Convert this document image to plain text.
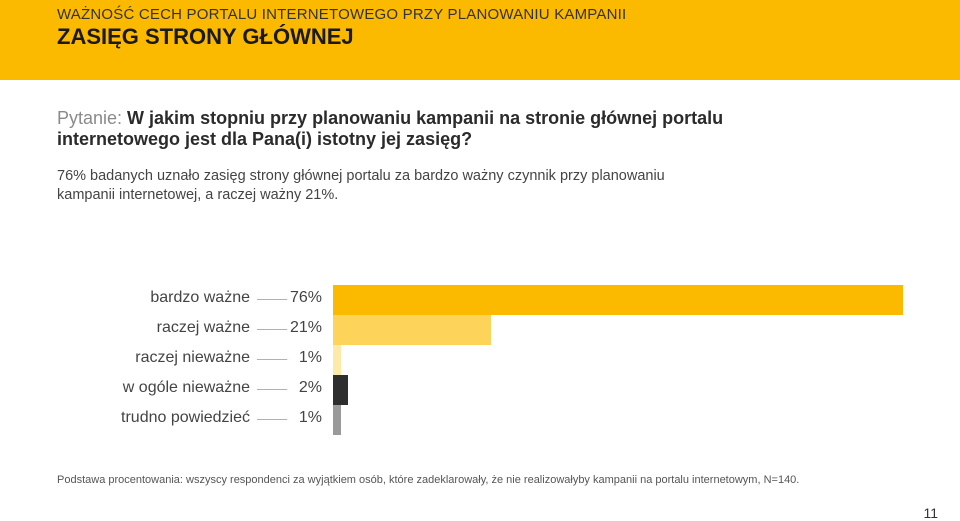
WAŻNOŚĆ CECH PORTALU INTERNETOWEGO PRZY PLANOWANIU KAMPANII
ZASIĘG STRONY GŁÓWNEJ
Pytanie: W jakim stopniu przy planowaniu kampanii na stronie głównej portalu internetowego jest dla Pana(i) istotny jej zasięg?
76% badanych uznało zasięg strony głównej portalu za bardzo ważny czynnik przy planowaniu kampanii internetowej, a raczej ważny 21%.
bardzo ważne	76%
raczej ważne	21%
raczej nieważne	1%
w ogóle nieważne	2%
trudno powiedzieć	1%
Podstawa procentowania: wszyscy respondenci za wyjątkiem osób, które zadeklarowały, że nie realizowałyby kampanii na portalu internetowym, N=140.
11
